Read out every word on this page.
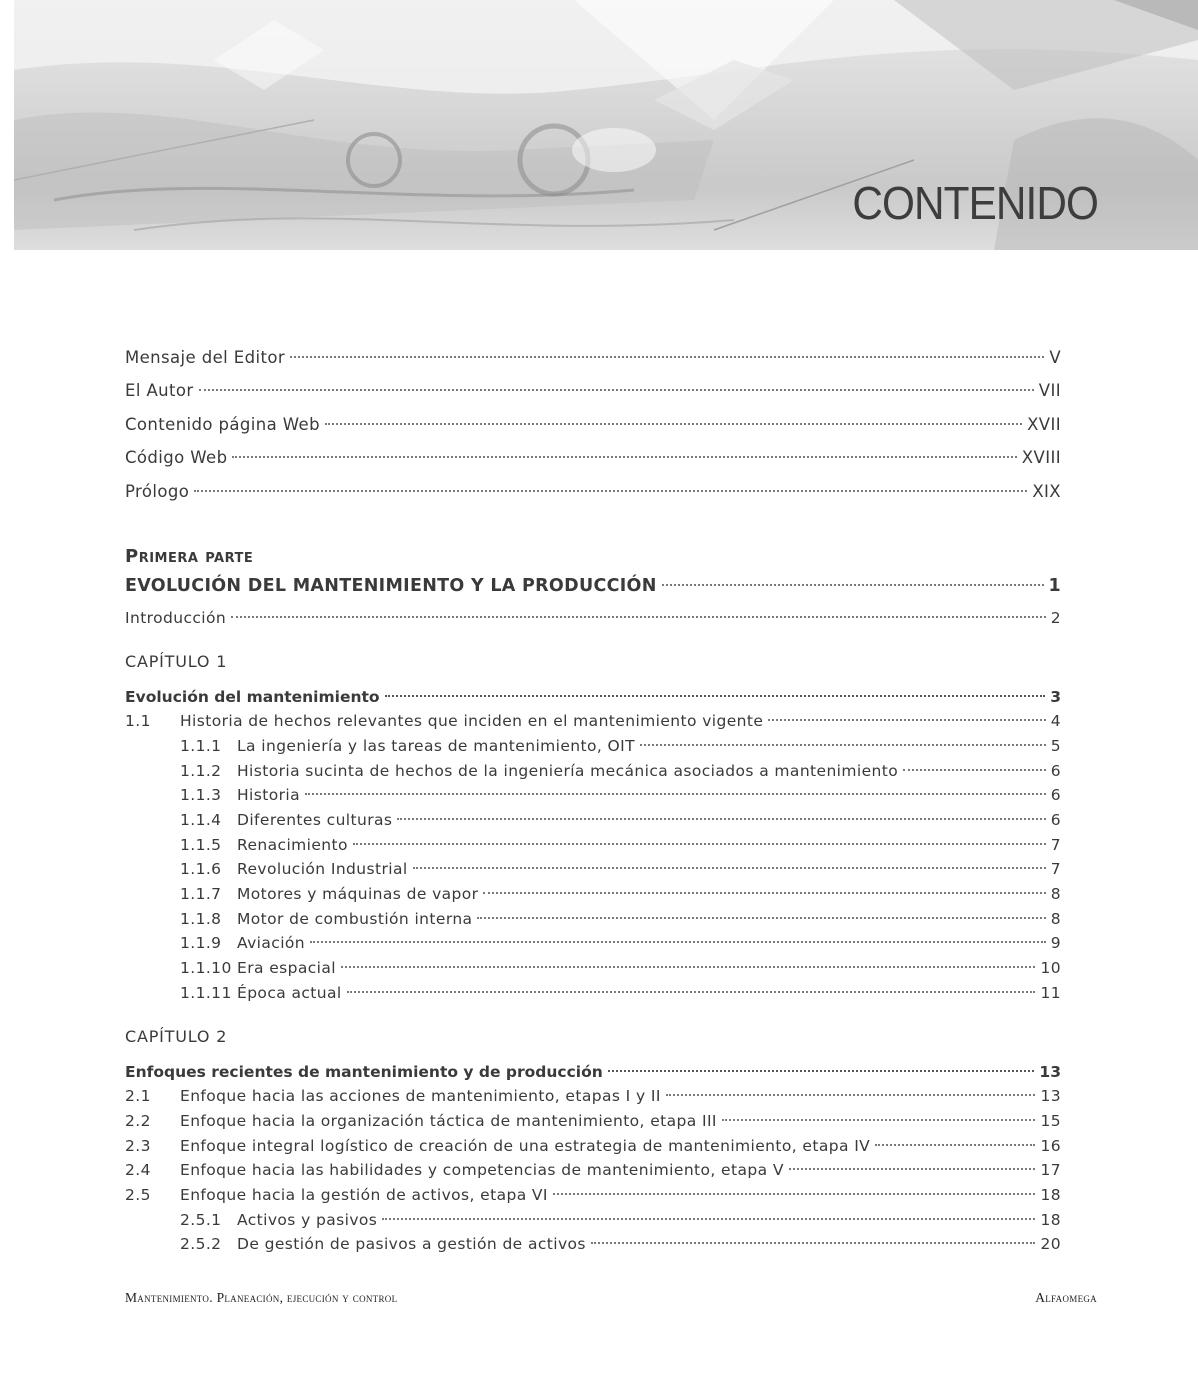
CONTENIDO
Mensaje del Editor	V
El Autor	VII
Contenido página Web	XVII
Código Web	XVIII
Prólogo	XIX
Primera parte
EVOLUCIÓN DEL MANTENIMIENTO Y LA PRODUCCIÓN	1
Introducción	2
CAPÍTULO 1
Evolución del mantenimiento	3
1.1	Historia de hechos relevantes que inciden en el mantenimiento vigente	4
1.1.1	La ingeniería y las tareas de mantenimiento, OIT	5
1.1.2	Historia sucinta de hechos de la ingeniería mecánica asociados a mantenimiento	6
1.1.3	Historia	6
1.1.4	Diferentes culturas	6
1.1.5	Renacimiento	7
1.1.6	Revolución Industrial	7
1.1.7	Motores y máquinas de vapor	8
1.1.8	Motor de combustión interna	8
1.1.9	Aviación	9
1.1.10 Era espacial	10
1.1.11 Época actual	11
CAPÍTULO 2
Enfoques recientes de mantenimiento y de producción	13
2.1	Enfoque hacia las acciones de mantenimiento, etapas I y II	13
2.2	Enfoque hacia la organización táctica de mantenimiento, etapa III	15
2.3	Enfoque integral logístico de creación de una estrategia de mantenimiento, etapa IV	16
2.4	Enfoque hacia las habilidades y competencias de mantenimiento, etapa V	17
2.5	Enfoque hacia la gestión de activos, etapa VI	18
2.5.1	Activos y pasivos	18
2.5.2	De gestión de pasivos a gestión de activos	20
Mantenimiento. Planeación, ejecución y control	Alfaomega
